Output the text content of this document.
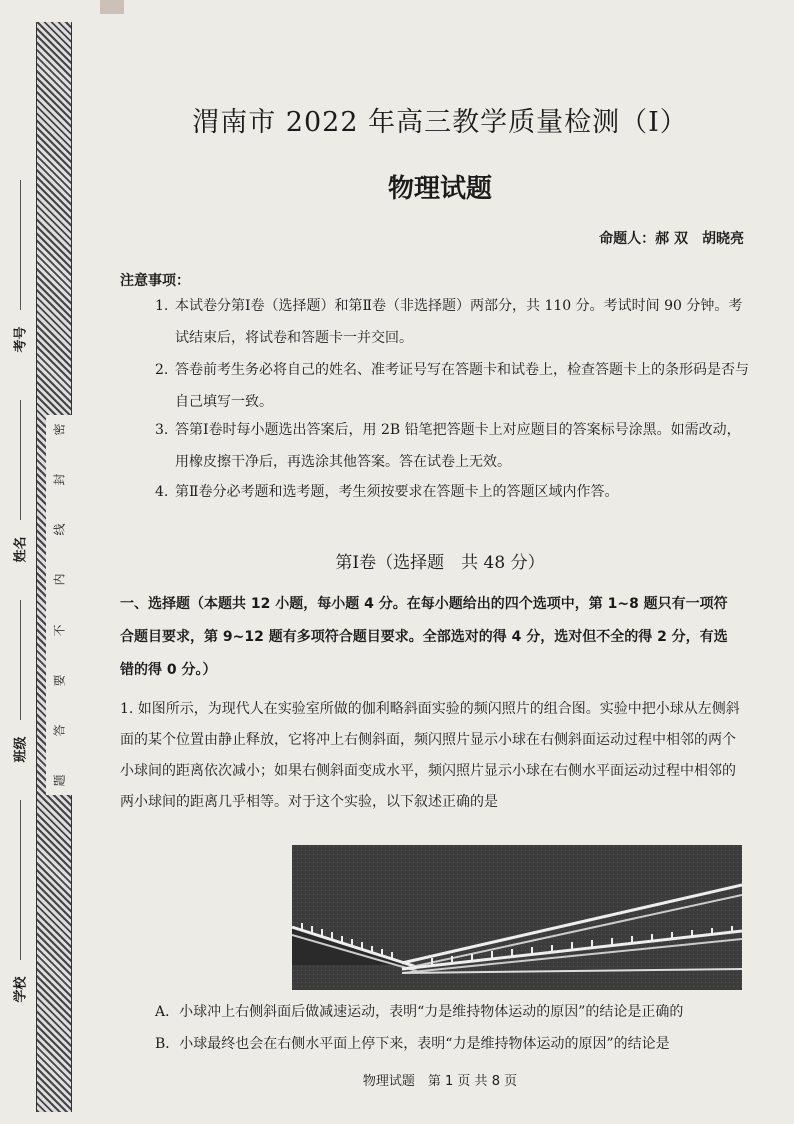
密
封
线
内
不
要
答
题
考号
姓名
班级
学校
渭南市 2022 年高三教学质量检测（Ⅰ）
物理试题
命题人：郝 双　胡晓亮
注意事项：
1. 本试卷分第Ⅰ卷（选择题）和第Ⅱ卷（非选择题）两部分，共 110 分。考试时间 90 分钟。考试结束后，将试卷和答题卡一并交回。
2. 答卷前考生务必将自己的姓名、准考证号写在答题卡和试卷上，检查答题卡上的条形码是否与自己填写一致。
3. 答第Ⅰ卷时每小题选出答案后，用 2B 铅笔把答题卡上对应题目的答案标号涂黑。如需改动，用橡皮擦干净后，再选涂其他答案。答在试卷上无效。
4. 第Ⅱ卷分必考题和选考题，考生须按要求在答题卡上的答题区域内作答。
第Ⅰ卷（选择题　共 48 分）
一、选择题（本题共 12 小题，每小题 4 分。在每小题给出的四个选项中，第 1~8 题只有一项符合题目要求，第 9~12 题有多项符合题目要求。全部选对的得 4 分，选对但不全的得 2 分，有选错的得 0 分。）
1. 如图所示，为现代人在实验室所做的伽利略斜面实验的频闪照片的组合图。实验中把小球从左侧斜面的某个位置由静止释放，它将冲上右侧斜面，频闪照片显示小球在右侧斜面运动过程中相邻的两个小球间的距离依次减小；如果右侧斜面变成水平，频闪照片显示小球在右侧水平面运动过程中相邻的两小球间的距离几乎相等。对于这个实验，以下叙述正确的是
A．小球冲上右侧斜面后做减速运动，表明“力是维持物体运动的原因”的结论是正确的
B．小球最终也会在右侧水平面上停下来，表明“力是维持物体运动的原因”的结论是
物理试题　第 1 页 共 8 页
